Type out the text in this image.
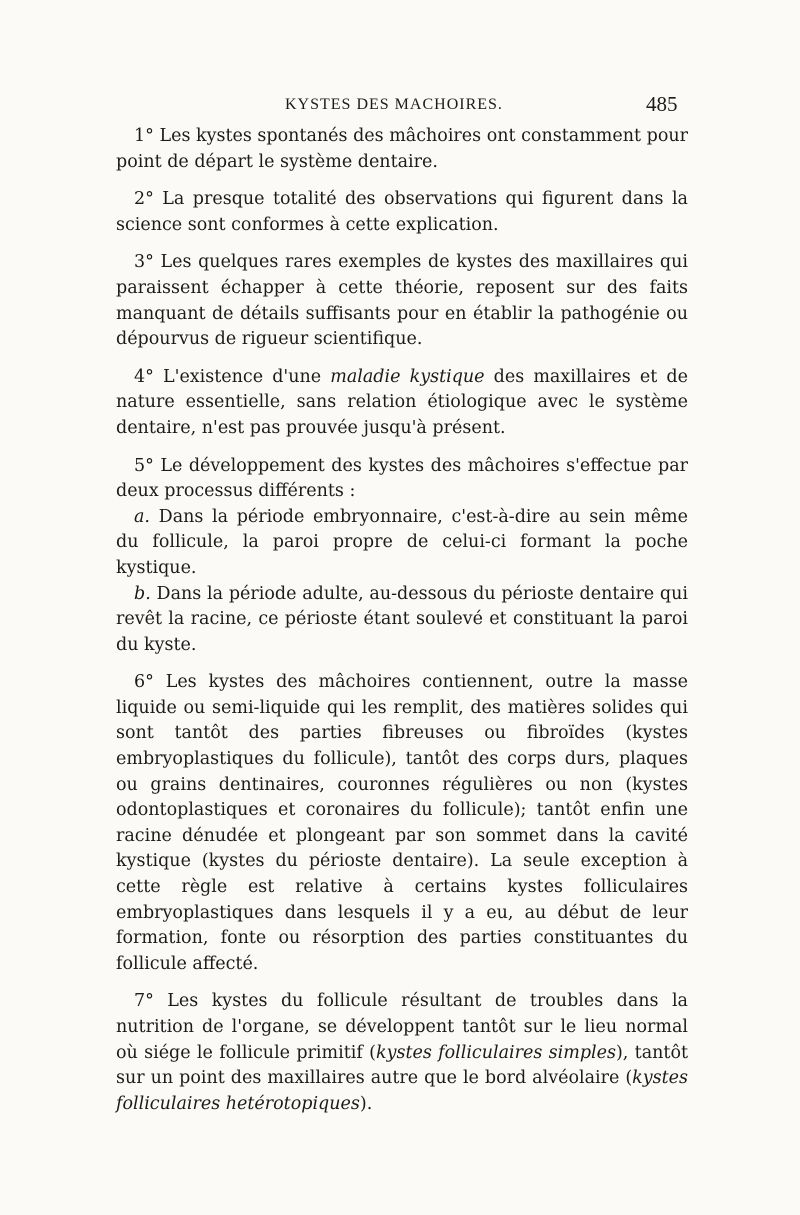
KYSTES DES MACHOIRES.	485

1° Les kystes spontanés des mâchoires ont constamment pour point de départ le système dentaire.

2° La presque totalité des observations qui figurent dans la science sont conformes à cette explication.

3° Les quelques rares exemples de kystes des maxillaires qui paraissent échapper à cette théorie, reposent sur des faits manquant de détails suffisants pour en établir la pathogénie ou dépourvus de rigueur scientifique.

4° L'existence d'une maladie kystique des maxillaires et de nature essentielle, sans relation étiologique avec le système dentaire, n'est pas prouvée jusqu'à présent.

5° Le développement des kystes des mâchoires s'effectue par deux processus différents :

a. Dans la période embryonnaire, c'est-à-dire au sein même du follicule, la paroi propre de celui-ci formant la poche kystique.

b. Dans la période adulte, au-dessous du périoste dentaire qui revêt la racine, ce périoste étant soulevé et constituant la paroi du kyste.

6° Les kystes des mâchoires contiennent, outre la masse liquide ou semi-liquide qui les remplit, des matières solides qui sont tantôt des parties fibreuses ou fibroïdes (kystes embryoplastiques du follicule), tantôt des corps durs, plaques ou grains dentinaires, couronnes régulières ou non (kystes odontoplastiques et coronaires du follicule); tantôt enfin une racine dénudée et plongeant par son sommet dans la cavité kystique (kystes du périoste dentaire). La seule exception à cette règle est relative à certains kystes folliculaires embryoplastiques dans lesquels il y a eu, au début de leur formation, fonte ou résorption des parties constituantes du follicule affecté.

7° Les kystes du follicule résultant de troubles dans la nutrition de l'organe, se développent tantôt sur le lieu normal où siége le follicule primitif (kystes folliculaires simples), tantôt sur un point des maxillaires autre que le bord alvéolaire (kystes folliculaires hetérotopiques).
